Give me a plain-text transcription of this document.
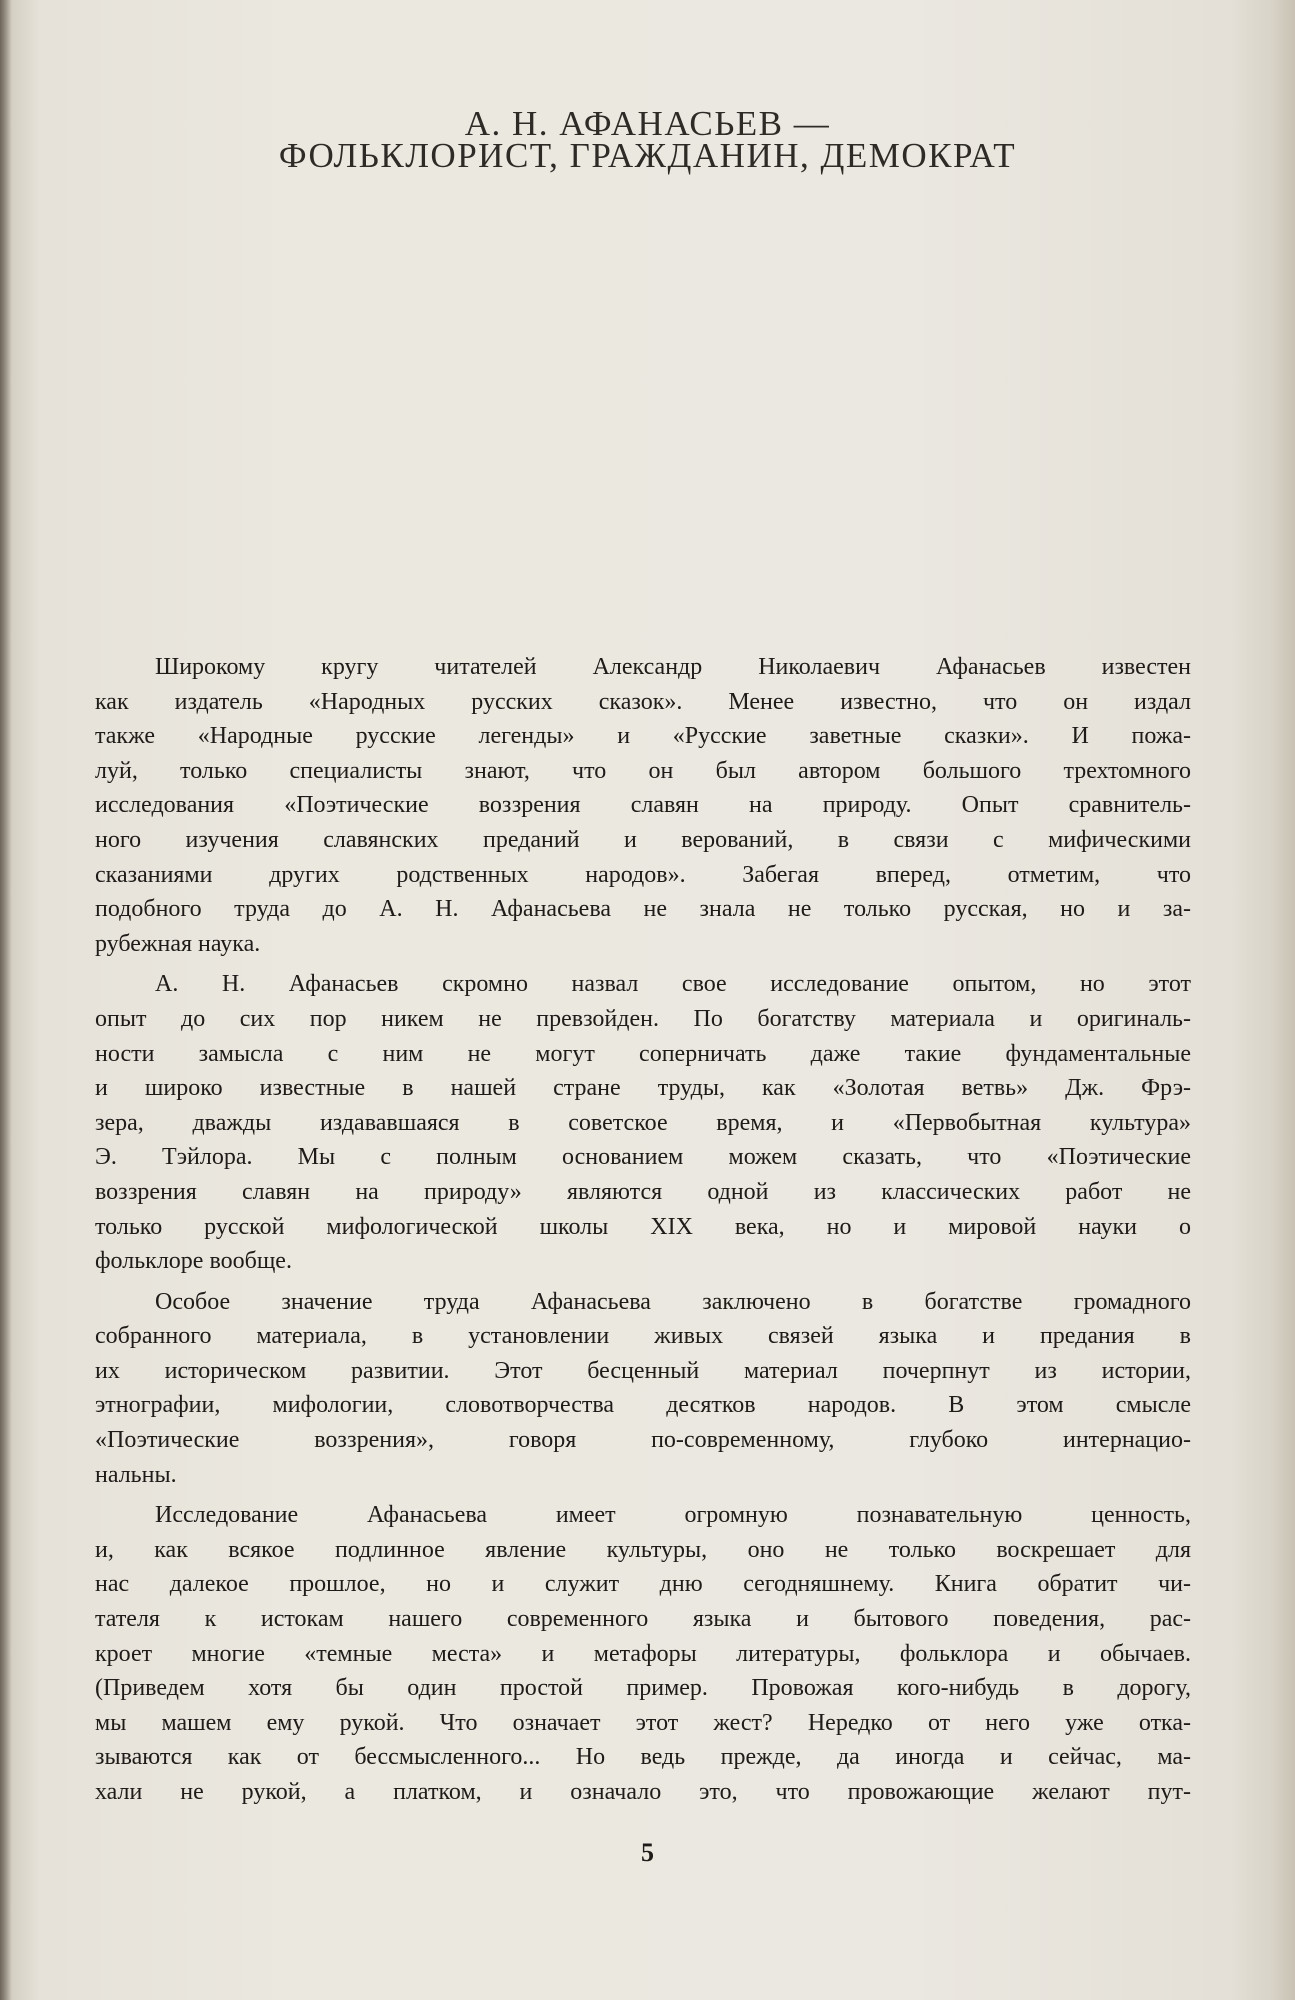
А. Н. АФАНАСЬЕВ —
ФОЛЬКЛОРИСТ, ГРАЖДАНИН, ДЕМОКРАТ
Широкому кругу читателей Александр Николаевич Афанасьев известен
как издатель «Народных русских сказок». Менее известно, что он издал
также «Народные русские легенды» и «Русские заветные сказки». И пожа-
луй, только специалисты знают, что он был автором большого трехтомного
исследования «Поэтические воззрения славян на природу. Опыт сравнитель-
ного изучения славянских преданий и верований, в связи с мифическими
сказаниями других родственных народов». Забегая вперед, отметим, что
подобного труда до А. Н. Афанасьева не знала не только русская, но и за-
рубежная наука.
А. Н. Афанасьев скромно назвал свое исследование опытом, но этот
опыт до сих пор никем не превзойден. По богатству материала и оригиналь-
ности замысла с ним не могут соперничать даже такие фундаментальные
и широко известные в нашей стране труды, как «Золотая ветвь» Дж. Фрэ-
зера, дважды издававшаяся в советское время, и «Первобытная культура»
Э. Тэйлора. Мы с полным основанием можем сказать, что «Поэтические
воззрения славян на природу» являются одной из классических работ не
только русской мифологической школы XIX века, но и мировой науки о
фольклоре вообще.
Особое значение труда Афанасьева заключено в богатстве громадного
собранного материала, в установлении живых связей языка и предания в
их историческом развитии. Этот бесценный материал почерпнут из истории,
этнографии, мифологии, словотворчества десятков народов. В этом смысле
«Поэтические воззрения», говоря по-современному, глубоко интернацио-
нальны.
Исследование Афанасьева имеет огромную познавательную ценность,
и, как всякое подлинное явление культуры, оно не только воскрешает для
нас далекое прошлое, но и служит дню сегодняшнему. Книга обратит чи-
тателя к истокам нашего современного языка и бытового поведения, рас-
кроет многие «темные места» и метафоры литературы, фольклора и обычаев.
(Приведем хотя бы один простой пример. Провожая кого-нибудь в дорогу,
мы машем ему рукой. Что означает этот жест? Нередко от него уже отка-
зываются как от бессмысленного... Но ведь прежде, да иногда и сейчас, ма-
хали не рукой, а платком, и означало это, что провожающие желают пут-
5
